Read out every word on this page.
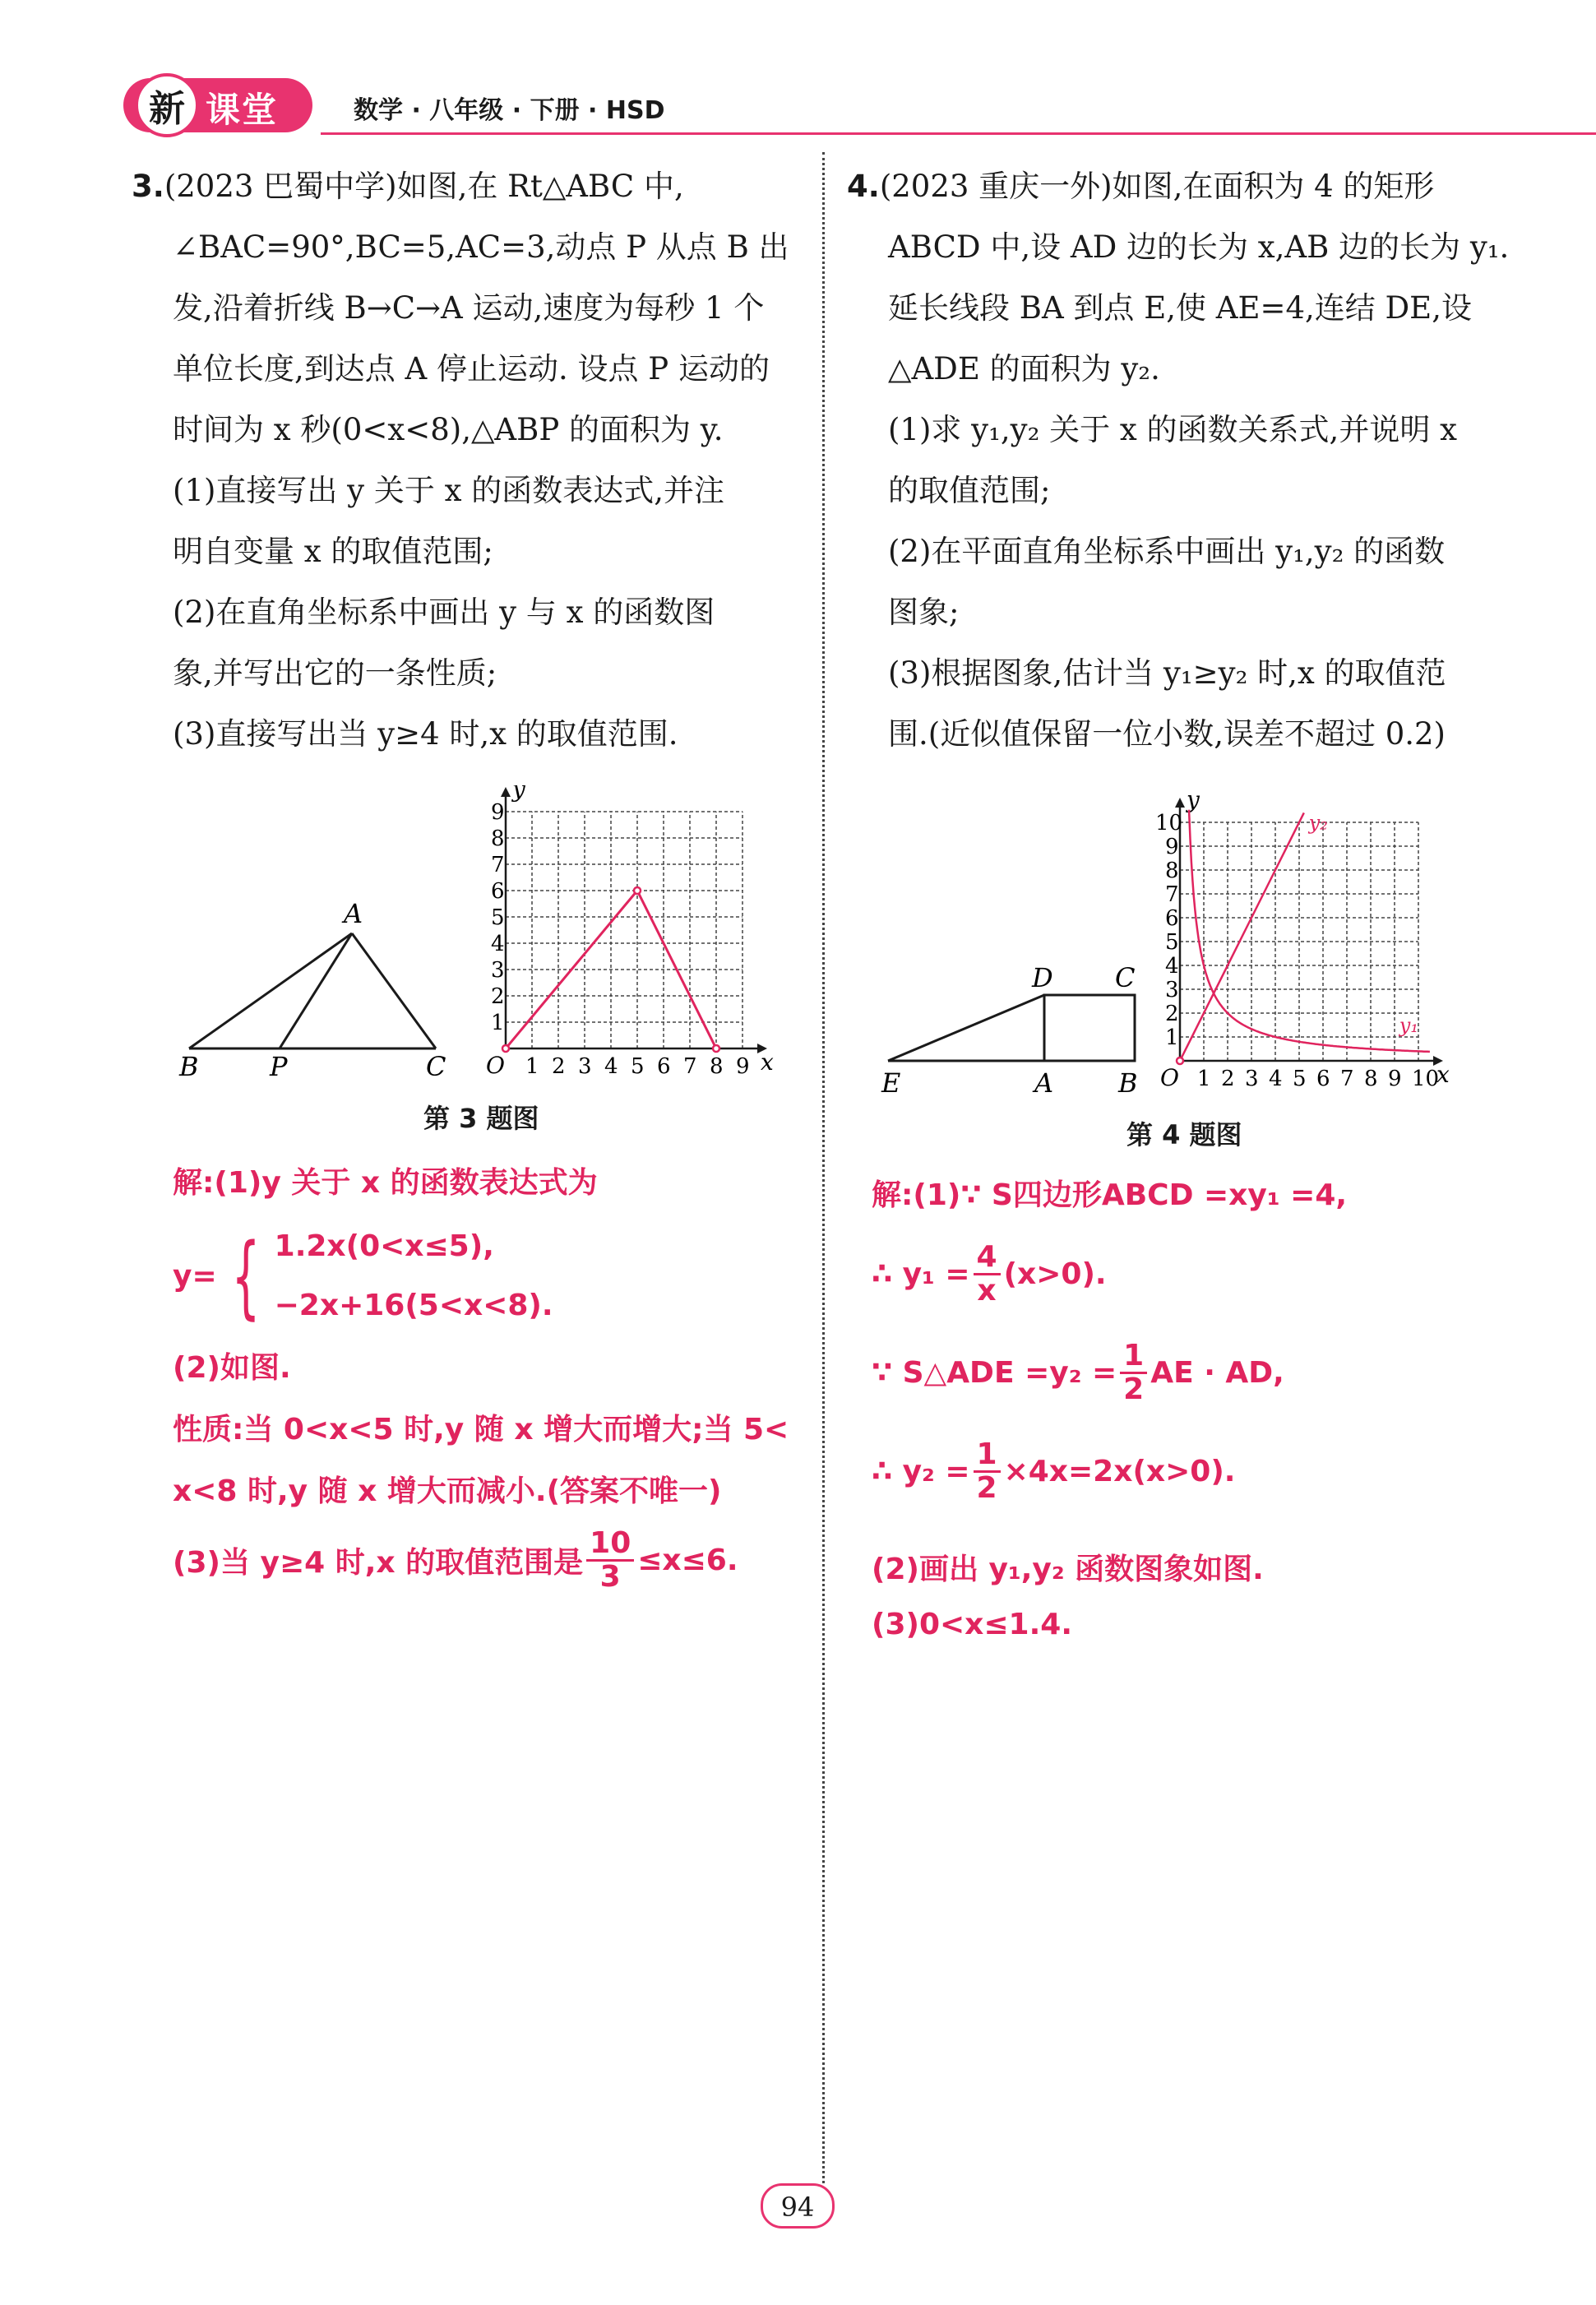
新 课堂	数学 · 八年级 · 下册 · HSD
3.(2023 巴蜀中学)如图,在 Rt△ABC 中,
∠BAC=90°,BC=5,AC=3,动点 P 从点 B 出
发,沿着折线 B→C→A 运动,速度为每秒 1 个
单位长度,到达点 A 停止运动. 设点 P 运动的
时间为 x 秒(0<x<8),△ABP 的面积为 y.
(1)直接写出 y 关于 x 的函数表达式,并注
明自变量 x 的取值范围;
(2)在直角坐标系中画出 y 与 x 的函数图
象,并写出它的一条性质;
(3)直接写出当 y≥4 时,x 的取值范围.
A
B	P	C	1 2 3 4 5 6 7 8 9
1
2
3
4
5
6
7
8
9
O	x
y
第 3 题图
解:(1)y 关于 x 的函数表达式为
y= { 1.2x(0<x≤5),
−2x+16(5<x<8).
(2)如图.
性质:当 0<x<5 时,y 随 x 增大而增大;当 5<
x<8 时,y 随 x 增大而减小.(答案不唯一)
(3)当 y≥4 时,x 的取值范围是 $\frac{10}{3} \le x\le 6$.
4.(2023 重庆一外)如图,在面积为 4 的矩形
ABCD 中,设 AD 边的长为 x,AB 边的长为 y₁.
延长线段 BA 到点 E,使 AE=4,连结 DE,设
△ADE 的面积为 y₂.
(1)求 y₁,y₂ 关于 x 的函数关系式,并说明 x
的取值范围;
(2)在平面直角坐标系中画出 y₁,y₂ 的函数
图象;
(3)根据图象,估计当 y₁≥y₂ 时,x 的取值范
围.(近似值保留一位小数,误差不超过 0.2)
D C
E	A B	1 2 3 4 5 6 7 8 9 10
1
2
3
4
5
6
7
8
9
10
O	x
y
y₁
y₂
第 4 题图
解:(1)∵ S四边形ABCD =xy₁ =4,
∴ $y_1 = \frac{4}{x} (x>0)$.
∵ S△ADE $=y_2 = \frac{1}{2}$ AE · AD,
∴ $y_2 = \frac{1}{2} \times 4x=2x(x>0)$.
(2)画出 y₁,y₂ 函数图象如图.
(3)0<x≤1.4.
94
